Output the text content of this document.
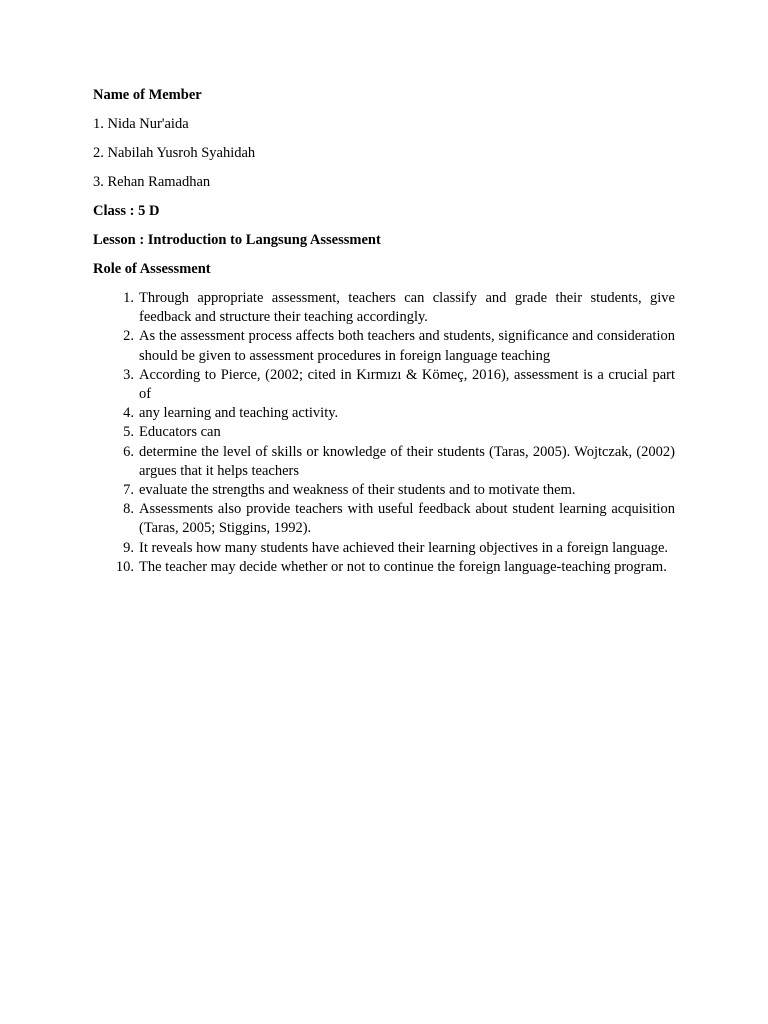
Name of Member

1. Nida Nur'aida

2. Nabilah Yusroh Syahidah

3. Rehan Ramadhan

Class : 5 D

Lesson : Introduction to Langsung Assessment

Role of Assessment

1. Through appropriate assessment, teachers can classify and grade their students, give feedback and structure their teaching accordingly.
2. As the assessment process affects both teachers and students, significance and consideration should be given to assessment procedures in foreign language teaching
3. According to Pierce, (2002; cited in Kırmızı & Kömeç, 2016), assessment is a crucial part of
4. any learning and teaching activity.
5. Educators can
6. determine the level of skills or knowledge of their students (Taras, 2005). Wojtczak, (2002) argues that it helps teachers
7. evaluate the strengths and weakness of their students and to motivate them.
8. Assessments also provide teachers with useful feedback about student learning acquisition (Taras, 2005; Stiggins, 1992).
9. It reveals how many students have achieved their learning objectives in a foreign language.
10. The teacher may decide whether or not to continue the foreign language-teaching program.
